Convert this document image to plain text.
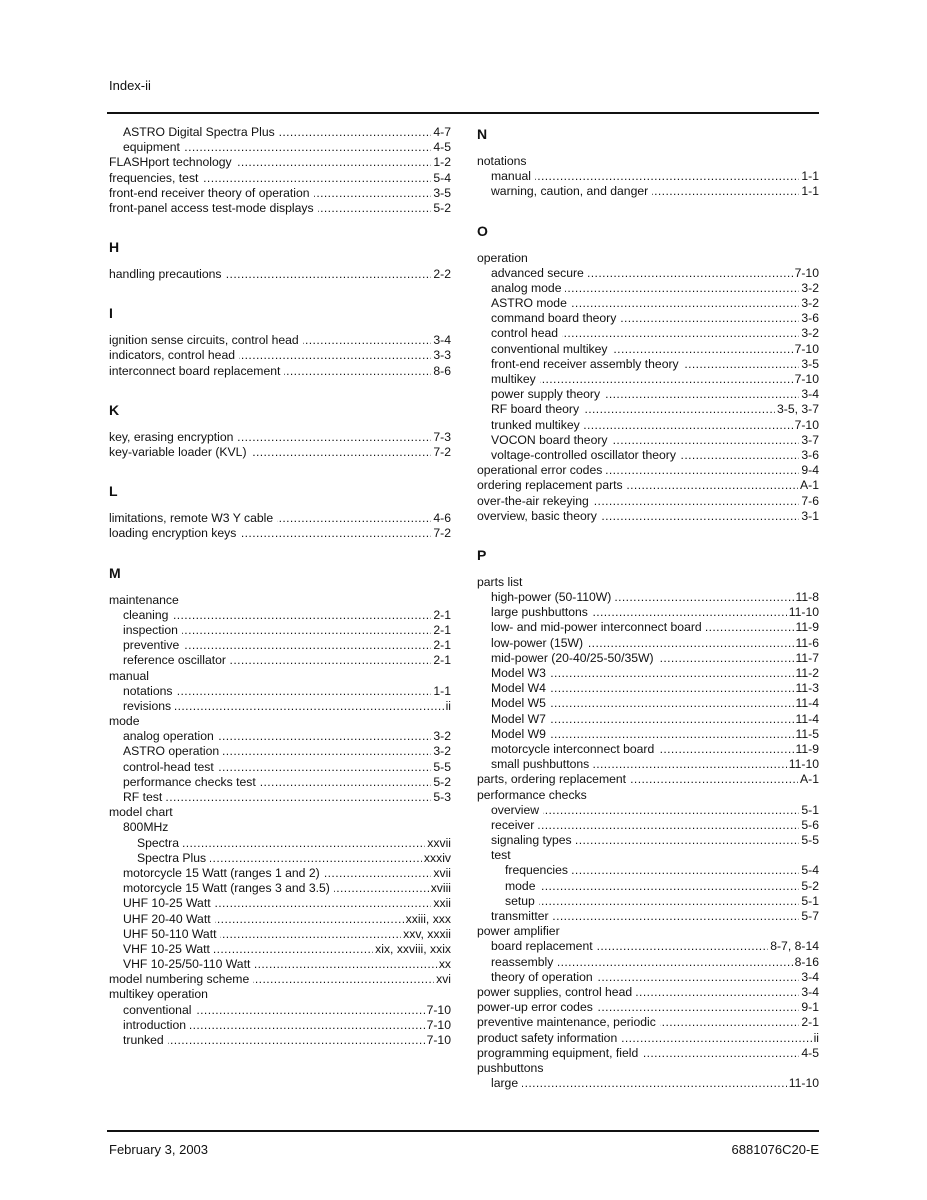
Index-ii
ASTRO Digital Spectra Plus . . .	4-7
equipment . . .	4-5
FLASHport technology . . .	1-2
frequencies, test . . .	5-4
front-end receiver theory of operation . . .	3-5
front-panel access test-mode displays . . .	5-2
H
handling precautions . . .	2-2
I
ignition sense circuits, control head . . .	3-4
indicators, control head . . .	3-3
interconnect board replacement . . .	8-6
K
key, erasing encryption . . .	7-3
key-variable loader (KVL) . . .	7-2
L
limitations, remote W3 Y cable . . .	4-6
loading encryption keys . . .	7-2
M
maintenance
cleaning . . .	2-1
inspection . . .	2-1
preventive . . .	2-1
reference oscillator . . .	2-1
manual
notations . . .	1-1
revisions . . .	ii
mode
analog operation . . .	3-2
ASTRO operation . . .	3-2
control-head test . . .	5-5
performance checks test . . .	5-2
RF test . . .	5-3
model chart
800MHz
Spectra . . .	xxvii
Spectra Plus . . .	xxxiv
motorcycle 15 Watt (ranges 1 and 2) . . .	xvii
motorcycle 15 Watt (ranges 3 and 3.5) . . .	xviii
UHF 10-25 Watt . . .	xxii
UHF 20-40 Watt . . .	xxiii, xxx
UHF 50-110 Watt . . .	xxv, xxxii
VHF 10-25 Watt . . .	xix, xxviii, xxix
VHF 10-25/50-110 Watt . . .	xx
model numbering scheme . . .	xvi
multikey operation
conventional . . .	7-10
introduction . . .	7-10
trunked . . .	7-10
N
notations
manual . . .	1-1
warning, caution, and danger . . .	1-1
O
operation
advanced secure . . .	7-10
analog mode . . .	3-2
ASTRO mode . . .	3-2
command board theory . . .	3-6
control head . . .	3-2
conventional multikey . . .	7-10
front-end receiver assembly theory . . .	3-5
multikey . . .	7-10
power supply theory . . .	3-4
RF board theory . . .	3-5, 3-7
trunked multikey . . .	7-10
VOCON board theory . . .	3-7
voltage-controlled oscillator theory . . .	3-6
operational error codes . . .	9-4
ordering replacement parts . . .	A-1
over-the-air rekeying . . .	7-6
overview, basic theory . . .	3-1
P
parts list
high-power (50-110W) . . .	11-8
large pushbuttons . . .	11-10
low- and mid-power interconnect board . . .	11-9
low-power (15W) . . .	11-6
mid-power (20-40/25-50/35W) . . .	11-7
Model W3 . . .	11-2
Model W4 . . .	11-3
Model W5 . . .	11-4
Model W7 . . .	11-4
Model W9 . . .	11-5
motorcycle interconnect board . . .	11-9
small pushbuttons . . .	11-10
parts, ordering replacement . . .	A-1
performance checks
overview . . .	5-1
receiver . . .	5-6
signaling types . . .	5-5
test
frequencies . . .	5-4
mode . . .	5-2
setup . . .	5-1
transmitter . . .	5-7
power amplifier
board replacement . . .	8-7, 8-14
reassembly . . .	8-16
theory of operation . . .	3-4
power supplies, control head . . .	3-4
power-up error codes . . .	9-1
preventive maintenance, periodic . . .	2-1
product safety information . . .	ii
programming equipment, field . . .	4-5
pushbuttons
large . . .	11-10
February 3, 2003	6881076C20-E
